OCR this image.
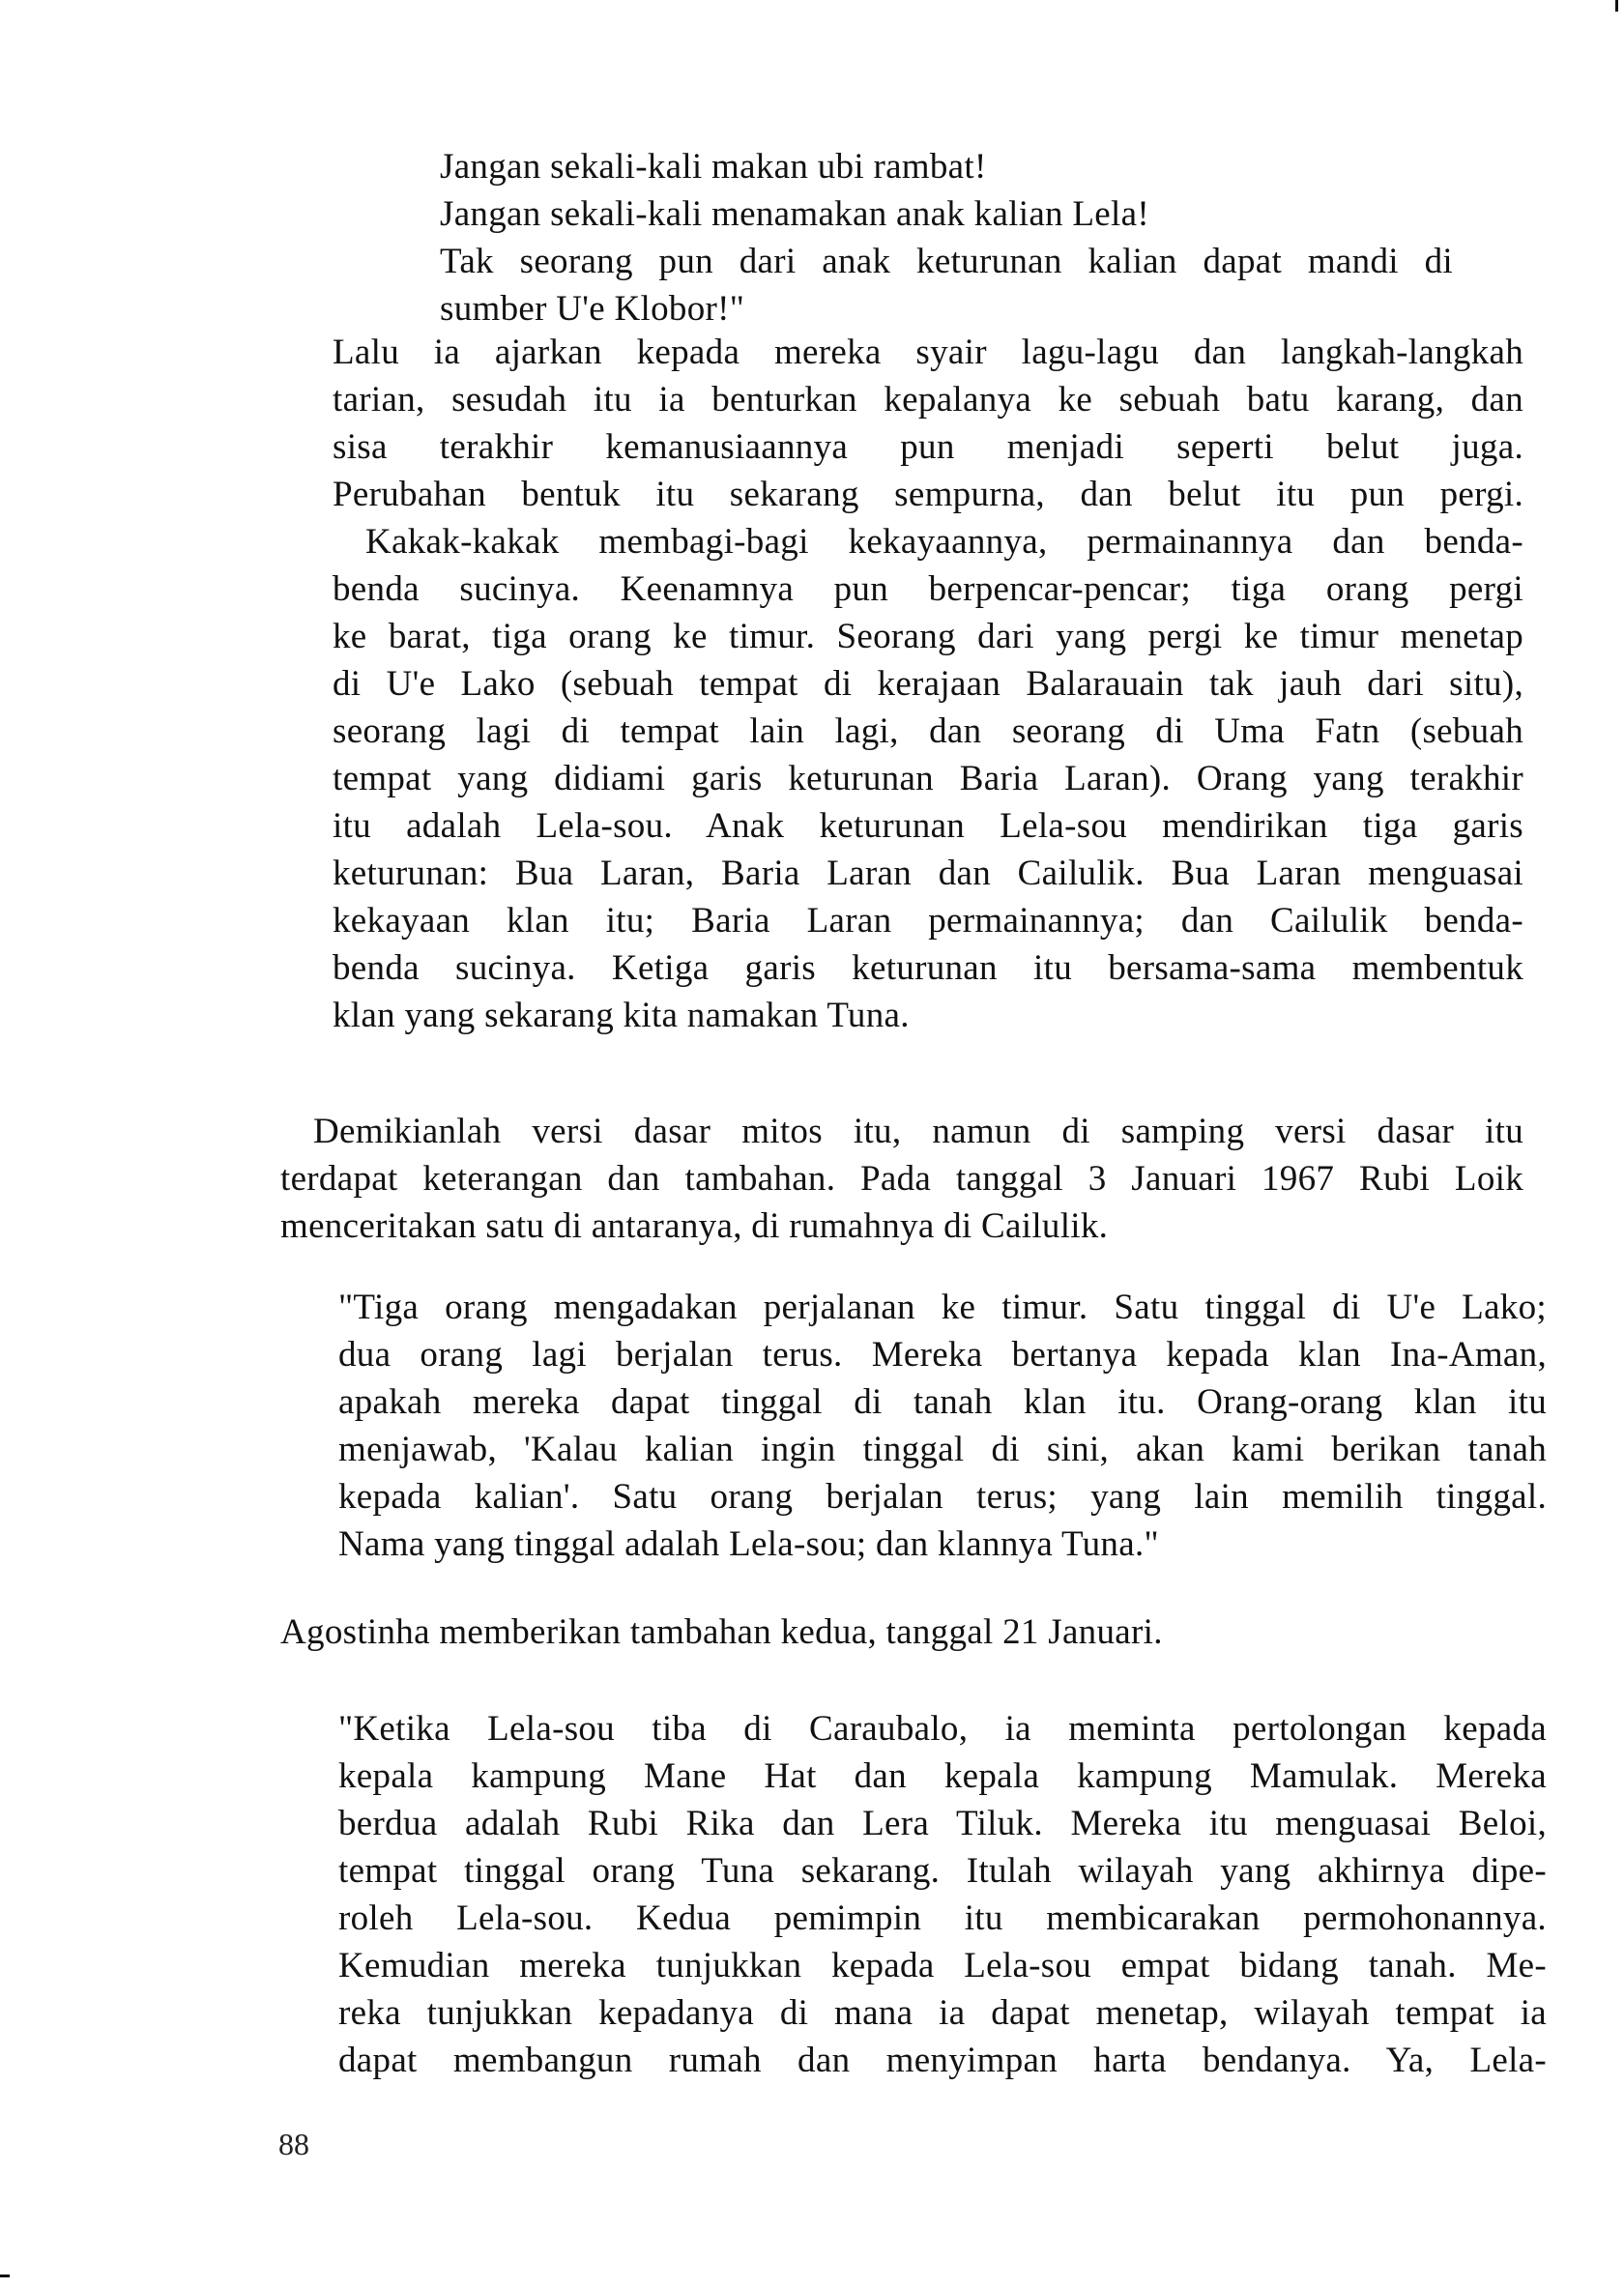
Jangan sekali-kali makan ubi rambat!
Jangan sekali-kali menamakan anak kalian Lela!
Tak seorang pun dari anak keturunan kalian dapat mandi di
sumber U'e Klobor!"
Lalu ia ajarkan kepada mereka syair lagu-lagu dan langkah-langkah
tarian, sesudah itu ia benturkan kepalanya ke sebuah batu karang, dan
sisa terakhir kemanusiaannya pun menjadi seperti belut juga.
Perubahan bentuk itu sekarang sempurna, dan belut itu pun pergi.
Kakak-kakak membagi-bagi kekayaannya, permainannya dan benda-
benda sucinya. Keenamnya pun berpencar-pencar; tiga orang pergi
ke barat, tiga orang ke timur. Seorang dari yang pergi ke timur menetap
di U'e Lako (sebuah tempat di kerajaan Balarauain tak jauh dari situ),
seorang lagi di tempat lain lagi, dan seorang di Uma Fatn (sebuah
tempat yang didiami garis keturunan Baria Laran). Orang yang terakhir
itu adalah Lela-sou. Anak keturunan Lela-sou mendirikan tiga garis
keturunan: Bua Laran, Baria Laran dan Cailulik. Bua Laran menguasai
kekayaan klan itu; Baria Laran permainannya; dan Cailulik benda-
benda sucinya. Ketiga garis keturunan itu bersama-sama membentuk
klan yang sekarang kita namakan Tuna.
Demikianlah versi dasar mitos itu, namun di samping versi dasar itu
terdapat keterangan dan tambahan. Pada tanggal 3 Januari 1967 Rubi Loik
menceritakan satu di antaranya, di rumahnya di Cailulik.
"Tiga orang mengadakan perjalanan ke timur. Satu tinggal di U'e Lako;
dua orang lagi berjalan terus. Mereka bertanya kepada klan Ina-Aman,
apakah mereka dapat tinggal di tanah klan itu. Orang-orang klan itu
menjawab, 'Kalau kalian ingin tinggal di sini, akan kami berikan tanah
kepada kalian'. Satu orang berjalan terus; yang lain memilih tinggal.
Nama yang tinggal adalah Lela-sou; dan klannya Tuna."
Agostinha memberikan tambahan kedua, tanggal 21 Januari.
"Ketika Lela-sou tiba di Caraubalo, ia meminta pertolongan kepada
kepala kampung Mane Hat dan kepala kampung Mamulak. Mereka
berdua adalah Rubi Rika dan Lera Tiluk. Mereka itu menguasai Beloi,
tempat tinggal orang Tuna sekarang. Itulah wilayah yang akhirnya dipe-
roleh Lela-sou. Kedua pemimpin itu membicarakan permohonannya.
Kemudian mereka tunjukkan kepada Lela-sou empat bidang tanah. Me-
reka tunjukkan kepadanya di mana ia dapat menetap, wilayah tempat ia
dapat membangun rumah dan menyimpan harta bendanya. Ya, Lela-
88
